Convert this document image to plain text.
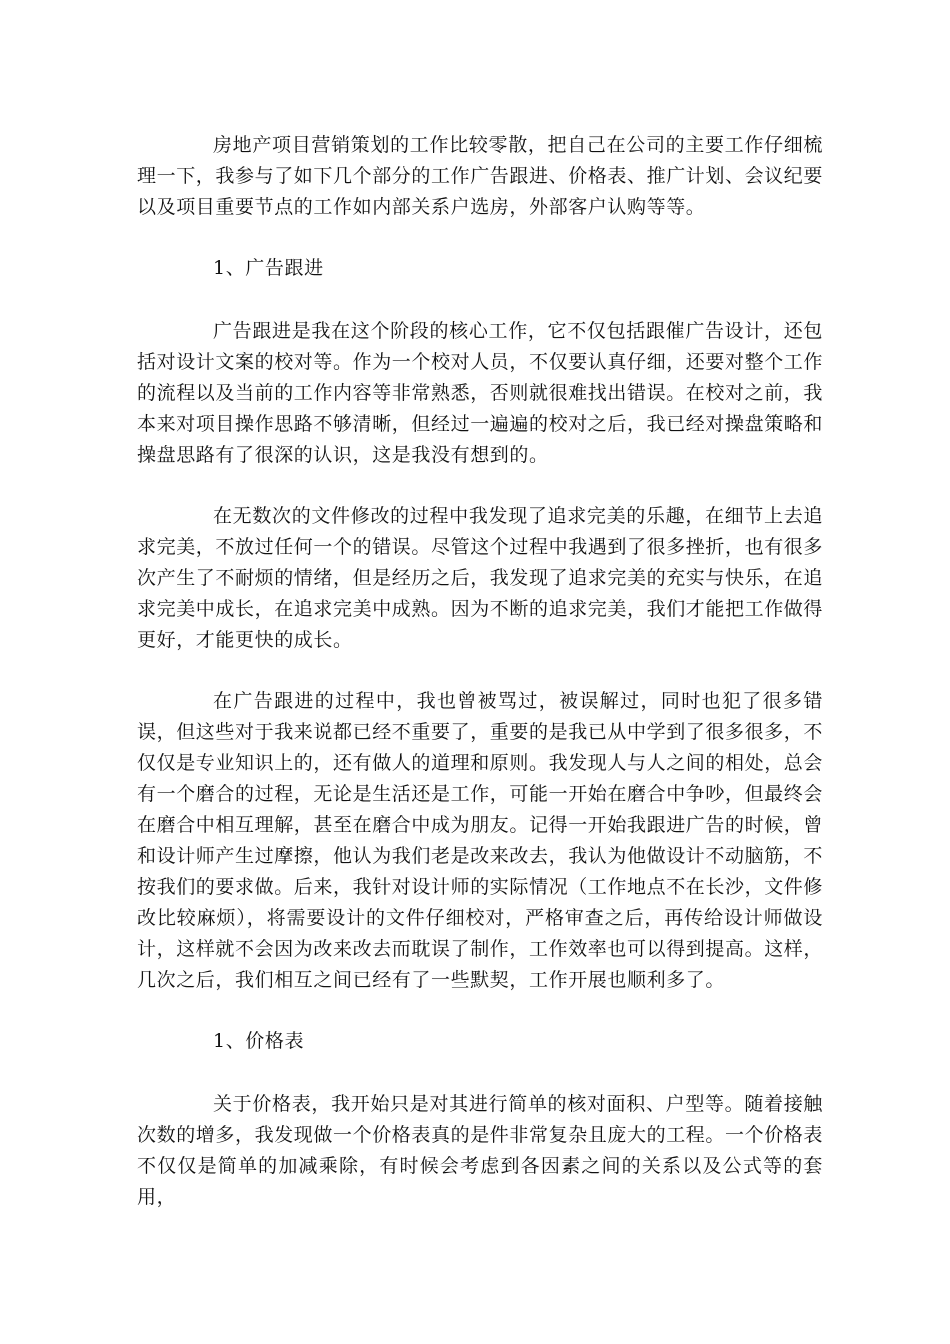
房地产项目营销策划的工作比较零散，把自己在公司的主要工作仔细梳理一下，我参与了如下几个部分的工作广告跟进、价格表、推广计划、会议纪要以及项目重要节点的工作如内部关系户选房，外部客户认购等等。

1、广告跟进

广告跟进是我在这个阶段的核心工作，它不仅包括跟催广告设计，还包括对设计文案的校对等。作为一个校对人员，不仅要认真仔细，还要对整个工作的流程以及当前的工作内容等非常熟悉，否则就很难找出错误。在校对之前，我本来对项目操作思路不够清晰，但经过一遍遍的校对之后，我已经对操盘策略和操盘思路有了很深的认识，这是我没有想到的。

在无数次的文件修改的过程中我发现了追求完美的乐趣，在细节上去追求完美，不放过任何一个的错误。尽管这个过程中我遇到了很多挫折，也有很多次产生了不耐烦的情绪，但是经历之后，我发现了追求完美的充实与快乐，在追求完美中成长，在追求完美中成熟。因为不断的追求完美，我们才能把工作做得更好，才能更快的成长。

在广告跟进的过程中，我也曾被骂过，被误解过，同时也犯了很多错误，但这些对于我来说都已经不重要了，重要的是我已从中学到了很多很多，不仅仅是专业知识上的，还有做人的道理和原则。我发现人与人之间的相处，总会有一个磨合的过程，无论是生活还是工作，可能一开始在磨合中争吵，但最终会在磨合中相互理解，甚至在磨合中成为朋友。记得一开始我跟进广告的时候，曾和设计师产生过摩擦，他认为我们老是改来改去，我认为他做设计不动脑筋，不按我们的要求做。后来，我针对设计师的实际情况（工作地点不在长沙，文件修改比较麻烦），将需要设计的文件仔细校对，严格审查之后，再传给设计师做设计，这样就不会因为改来改去而耽误了制作，工作效率也可以得到提高。这样，几次之后，我们相互之间已经有了一些默契，工作开展也顺利多了。

1、价格表

关于价格表，我开始只是对其进行简单的核对面积、户型等。随着接触次数的增多，我发现做一个价格表真的是件非常复杂且庞大的工程。一个价格表不仅仅是简单的加减乘除，有时候会考虑到各因素之间的关系以及公式等的套用，
